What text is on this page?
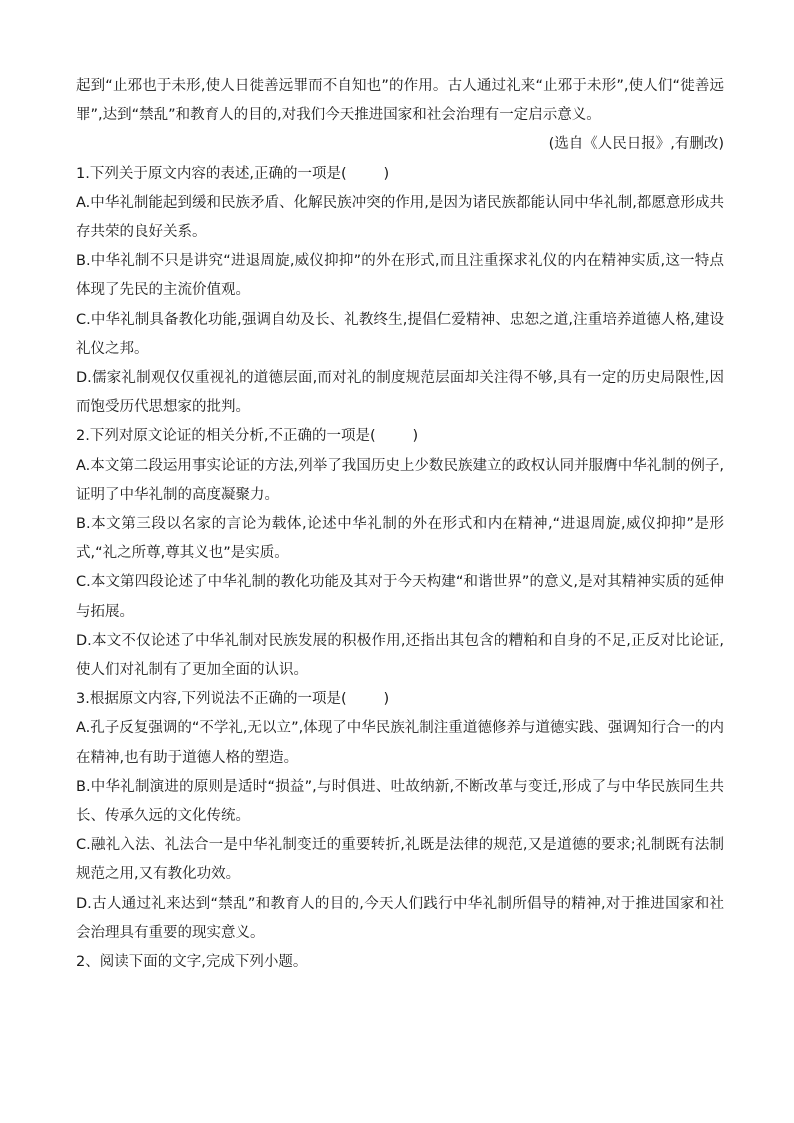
起到“止邪也于未形,使人日徙善远罪而不自知也”的作用。古人通过礼来“止邪于未形”,使人们“徙善远罪”,达到“禁乱”和教育人的目的,对我们今天推进国家和社会治理有一定启示意义。

(选自《人民日报》,有删改)

1.下列关于原文内容的表述,正确的一项是(        )

A.中华礼制能起到缓和民族矛盾、化解民族冲突的作用,是因为诸民族都能认同中华礼制,都愿意形成共存共荣的良好关系。

B.中华礼制不只是讲究“进退周旋,威仪抑抑”的外在形式,而且注重探求礼仪的内在精神实质,这一特点体现了先民的主流价值观。

C.中华礼制具备教化功能,强调自幼及长、礼教终生,提倡仁爱精神、忠恕之道,注重培养道德人格,建设礼仪之邦。

D.儒家礼制观仅仅重视礼的道德层面,而对礼的制度规范层面却关注得不够,具有一定的历史局限性,因而饱受历代思想家的批判。

2.下列对原文论证的相关分析,不正确的一项是(        )

A.本文第二段运用事实论证的方法,列举了我国历史上少数民族建立的政权认同并服膺中华礼制的例子,证明了中华礼制的高度凝聚力。

B.本文第三段以名家的言论为载体,论述中华礼制的外在形式和内在精神,“进退周旋,威仪抑抑”是形式,“礼之所尊,尊其义也”是实质。

C.本文第四段论述了中华礼制的教化功能及其对于今天构建“和谐世界”的意义,是对其精神实质的延伸与拓展。

D.本文不仅论述了中华礼制对民族发展的积极作用,还指出其包含的糟粕和自身的不足,正反对比论证,使人们对礼制有了更加全面的认识。

3.根据原文内容,下列说法不正确的一项是(        )

A.孔子反复强调的“不学礼,无以立”,体现了中华民族礼制注重道德修养与道德实践、强调知行合一的内在精神,也有助于道德人格的塑造。

B.中华礼制演进的原则是适时“损益”,与时俱进、吐故纳新,不断改革与变迁,形成了与中华民族同生共长、传承久远的文化传统。

C.融礼入法、礼法合一是中华礼制变迁的重要转折,礼既是法律的规范,又是道德的要求;礼制既有法制规范之用,又有教化功效。

D.古人通过礼来达到“禁乱”和教育人的目的,今天人们践行中华礼制所倡导的精神,对于推进国家和社会治理具有重要的现实意义。

2、阅读下面的文字,完成下列小题。
